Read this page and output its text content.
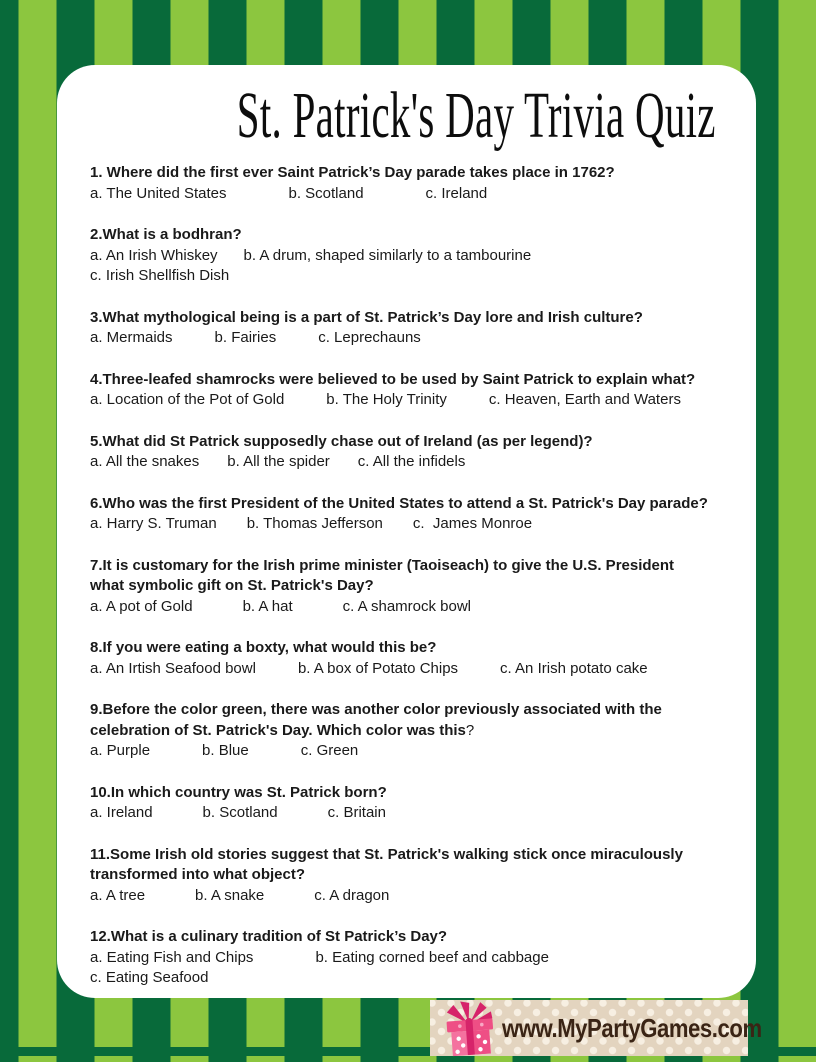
St. Patrick's Day Trivia Quiz
1. Where did the first ever Saint Patrick’s Day parade takes place in 1762?
a. The United States	b. Scotland	c. Ireland
2.What is a bodhran?
a. An Irish Whiskey b. A drum, shaped similarly to a tambourine
c. Irish Shellfish Dish
3.What mythological being is a part of St. Patrick’s Day lore and Irish culture?
a. Mermaids	b. Fairies	c. Leprechauns
4.Three-leafed shamrocks were believed to be used by Saint Patrick to explain what?
a. Location of the Pot of Gold	b. The Holy Trinity	c. Heaven, Earth and Waters
5.What did St Patrick supposedly chase out of Ireland (as per legend)?
a. All the snakes b. All the spider c. All the infidels
6.Who was the first President of the United States to attend a St. Patrick's Day parade?
a. Harry S. Truman b. Thomas Jefferson c.  James Monroe
7.It is customary for the Irish prime minister (Taoiseach) to give the U.S. President
what symbolic gift on St. Patrick's Day?
a. A pot of Gold	b. A hat	c. A shamrock bowl
8.If you were eating a boxty, what would this be?
a. An Irtish Seafood bowl	b. A box of Potato Chips	c. An Irish potato cake
9.Before the color green, there was another color previously associated with the
celebration of St. Patrick's Day. Which color was this?
a. Purple	b. Blue	c. Green
10.In which country was St. Patrick born?
a. Ireland	b. Scotland	c. Britain
11.Some Irish old stories suggest that St. Patrick's walking stick once miraculously
transformed into what object?
a. A tree	b. A snake	c. A dragon
12.What is a culinary tradition of St Patrick’s Day?
a. Eating Fish and Chips	b. Eating corned beef and cabbage
c. Eating Seafood
www.MyPartyGames.com
